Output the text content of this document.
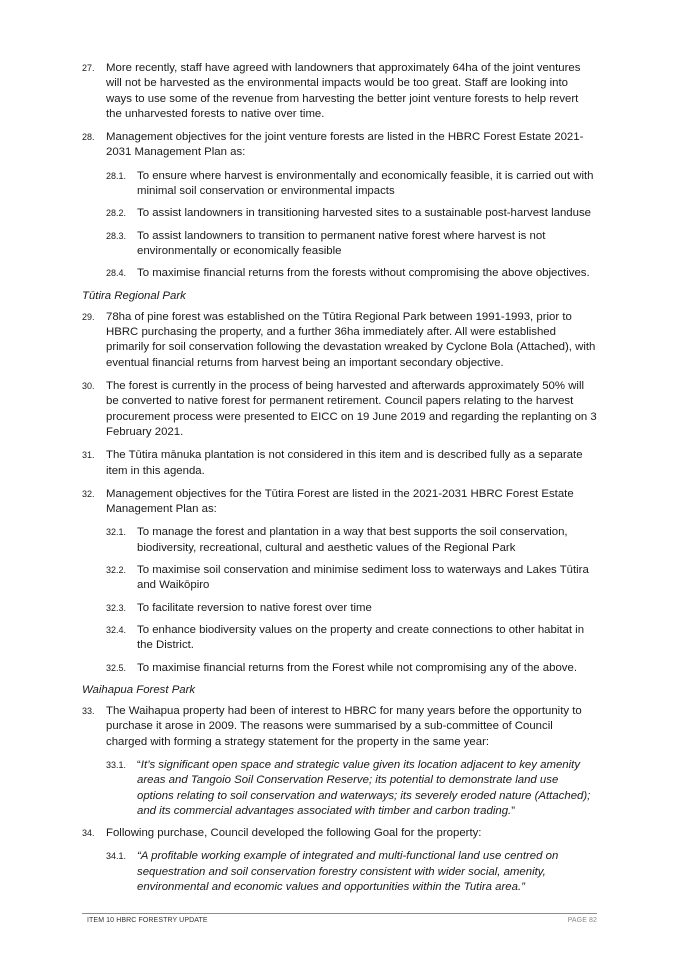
27. More recently, staff have agreed with landowners that approximately 64ha of the joint ventures will not be harvested as the environmental impacts would be too great. Staff are looking into ways to use some of the revenue from harvesting the better joint venture forests to help revert the unharvested forests to native over time.
28. Management objectives for the joint venture forests are listed in the HBRC Forest Estate 2021-2031 Management Plan as:
28.1. To ensure where harvest is environmentally and economically feasible, it is carried out with minimal soil conservation or environmental impacts
28.2. To assist landowners in transitioning harvested sites to a sustainable post-harvest landuse
28.3. To assist landowners to transition to permanent native forest where harvest is not environmentally or economically feasible
28.4. To maximise financial returns from the forests without compromising the above objectives.
Tūtira Regional Park
29. 78ha of pine forest was established on the Tūtira Regional Park between 1991-1993, prior to HBRC purchasing the property, and a further 36ha immediately after. All were established primarily for soil conservation following the devastation wreaked by Cyclone Bola (Attached), with eventual financial returns from harvest being an important secondary objective.
30. The forest is currently in the process of being harvested and afterwards approximately 50% will be converted to native forest for permanent retirement. Council papers relating to the harvest procurement process were presented to EICC on 19 June 2019 and regarding the replanting on 3 February 2021.
31. The Tūtira mānuka plantation is not considered in this item and is described fully as a separate item in this agenda.
32. Management objectives for the Tūtira Forest are listed in the 2021-2031 HBRC Forest Estate Management Plan as:
32.1. To manage the forest and plantation in a way that best supports the soil conservation, biodiversity, recreational, cultural and aesthetic values of the Regional Park
32.2. To maximise soil conservation and minimise sediment loss to waterways and Lakes Tūtira and Waikōpiro
32.3. To facilitate reversion to native forest over time
32.4. To enhance biodiversity values on the property and create connections to other habitat in the District.
32.5. To maximise financial returns from the Forest while not compromising any of the above.
Waihapua Forest Park
33. The Waihapua property had been of interest to HBRC for many years before the opportunity to purchase it arose in 2009. The reasons were summarised by a sub-committee of Council charged with forming a strategy statement for the property in the same year:
33.1. “It’s significant open space and strategic value given its location adjacent to key amenity areas and Tangoio Soil Conservation Reserve; its potential to demonstrate land use options relating to soil conservation and waterways; its severely eroded nature (Attached); and its commercial advantages associated with timber and carbon trading.”
34. Following purchase, Council developed the following Goal for the property:
34.1. “A profitable working example of integrated and multi-functional land use centred on sequestration and soil conservation forestry consistent with wider social, amenity, environmental and economic values and opportunities within the Tutira area.”
ITEM 10 HBRC FORESTRY UPDATE	PAGE 82
